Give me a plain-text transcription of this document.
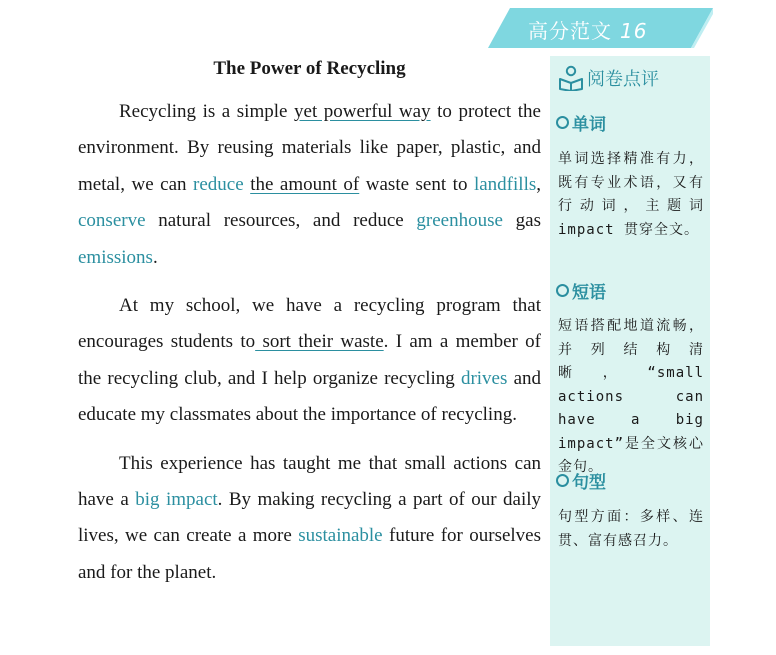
高分范文 16
The Power of Recycling

Recycling is a simple yet powerful way to protect the environment. By reusing materials like paper, plastic, and metal, we can reduce the amount of waste sent to landfills, conserve natural resources, and reduce greenhouse gas emissions.

At my school, we have a recycling program that encourages students to sort their waste. I am a member of the recycling club, and I help organize recycling drives and educate my classmates about the importance of recycling.

This experience has taught me that small actions can have a big impact. By making recycling a part of our daily lives, we can create a more sustainable future for ourselves and for the planet.

阅卷点评
单词
单词选择精准有力，既有专业术语，又有行动词，主题词 impact 贯穿全文。
短语
短语搭配地道流畅，并列结构清晰，“small actions can have a big impact”是全文核心金句。
句型
句型方面：多样、连贯、富有感召力。
